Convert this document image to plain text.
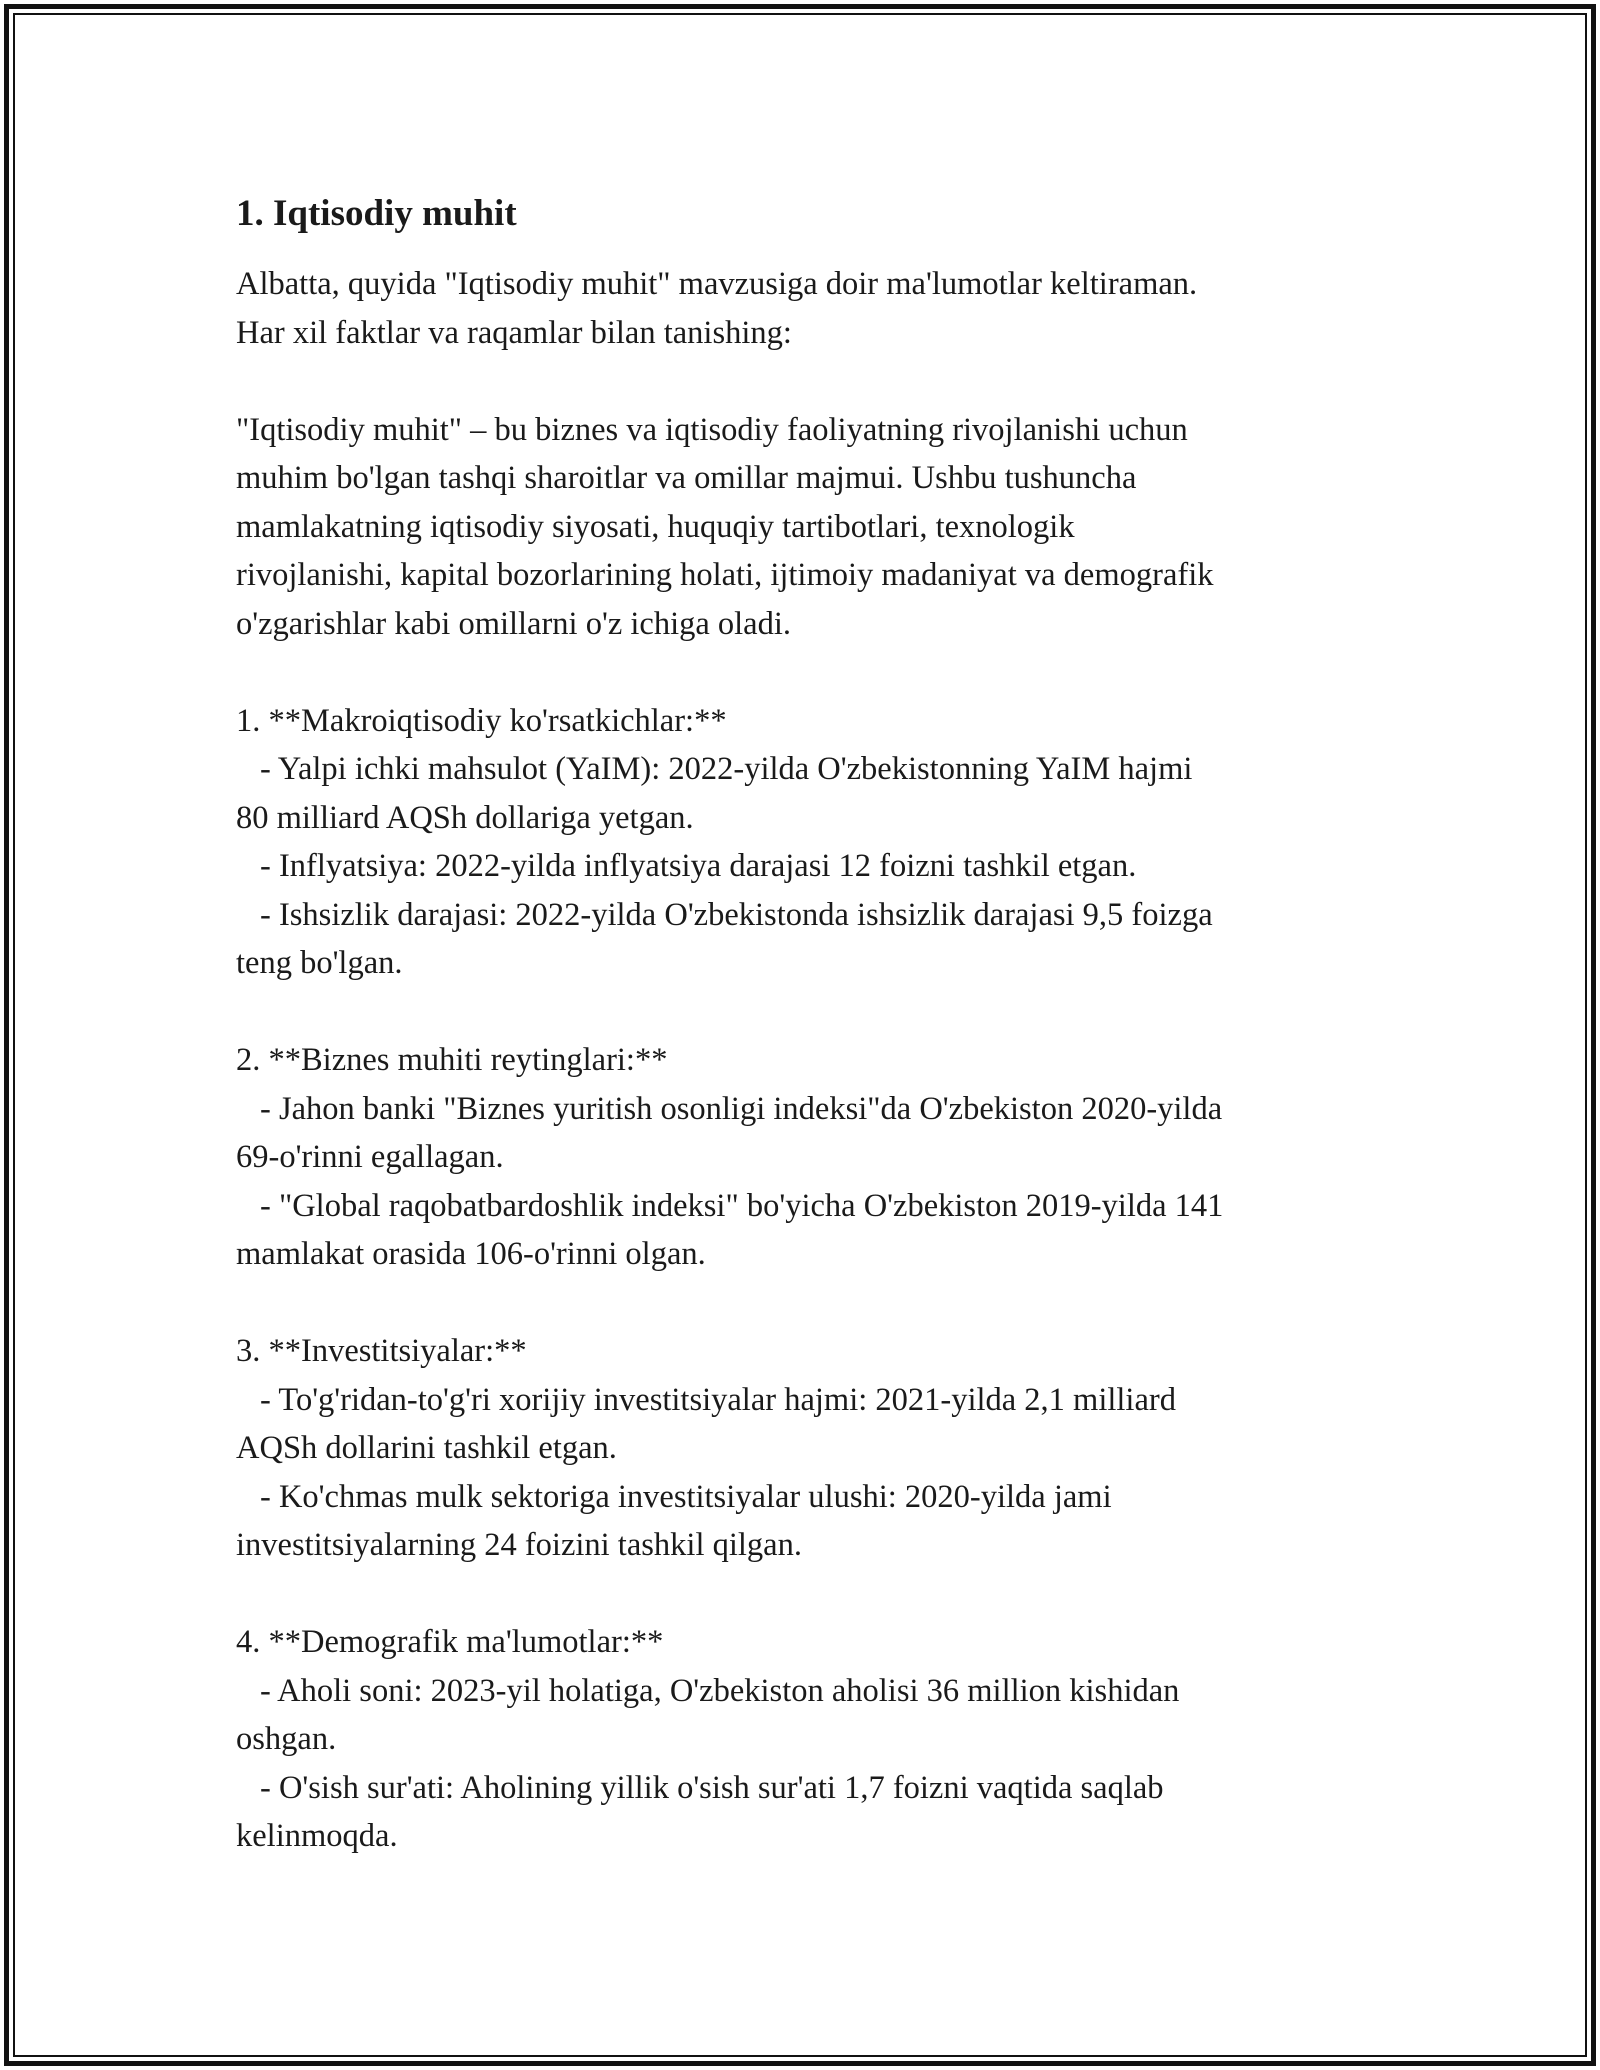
1. Iqtisodiy muhit

Albatta, quyida "Iqtisodiy muhit" mavzusiga doir ma'lumotlar keltiraman.
Har xil faktlar va raqamlar bilan tanishing:

"Iqtisodiy muhit" – bu biznes va iqtisodiy faoliyatning rivojlanishi uchun
muhim bo'lgan tashqi sharoitlar va omillar majmui. Ushbu tushuncha
mamlakatning iqtisodiy siyosati, huquqiy tartibotlari, texnologik
rivojlanishi, kapital bozorlarining holati, ijtimoiy madaniyat va demografik
o'zgarishlar kabi omillarni o'z ichiga oladi.

1. **Makroiqtisodiy ko'rsatkichlar:**
- Yalpi ichki mahsulot (YaIM): 2022-yilda O'zbekistonning YaIM hajmi
80 milliard AQSh dollariga yetgan.
- Inflyatsiya: 2022-yilda inflyatsiya darajasi 12 foizni tashkil etgan.
- Ishsizlik darajasi: 2022-yilda O'zbekistonda ishsizlik darajasi 9,5 foizga
teng bo'lgan.
2. **Biznes muhiti reytinglari:**
- Jahon banki "Biznes yuritish osonligi indeksi"da O'zbekiston 2020-yilda
69-o'rinni egallagan.
- "Global raqobatbardoshlik indeksi" bo'yicha O'zbekiston 2019-yilda 141
mamlakat orasida 106-o'rinni olgan.
3. **Investitsiyalar:**
- To'g'ridan-to'g'ri xorijiy investitsiyalar hajmi: 2021-yilda 2,1 milliard
AQSh dollarini tashkil etgan.
- Ko'chmas mulk sektoriga investitsiyalar ulushi: 2020-yilda jami
investitsiyalarning 24 foizini tashkil qilgan.
4. **Demografik ma'lumotlar:**
- Aholi soni: 2023-yil holatiga, O'zbekiston aholisi 36 million kishidan
oshgan.
- O'sish sur'ati: Aholining yillik o'sish sur'ati 1,7 foizni vaqtida saqlab
kelinmoqda.
